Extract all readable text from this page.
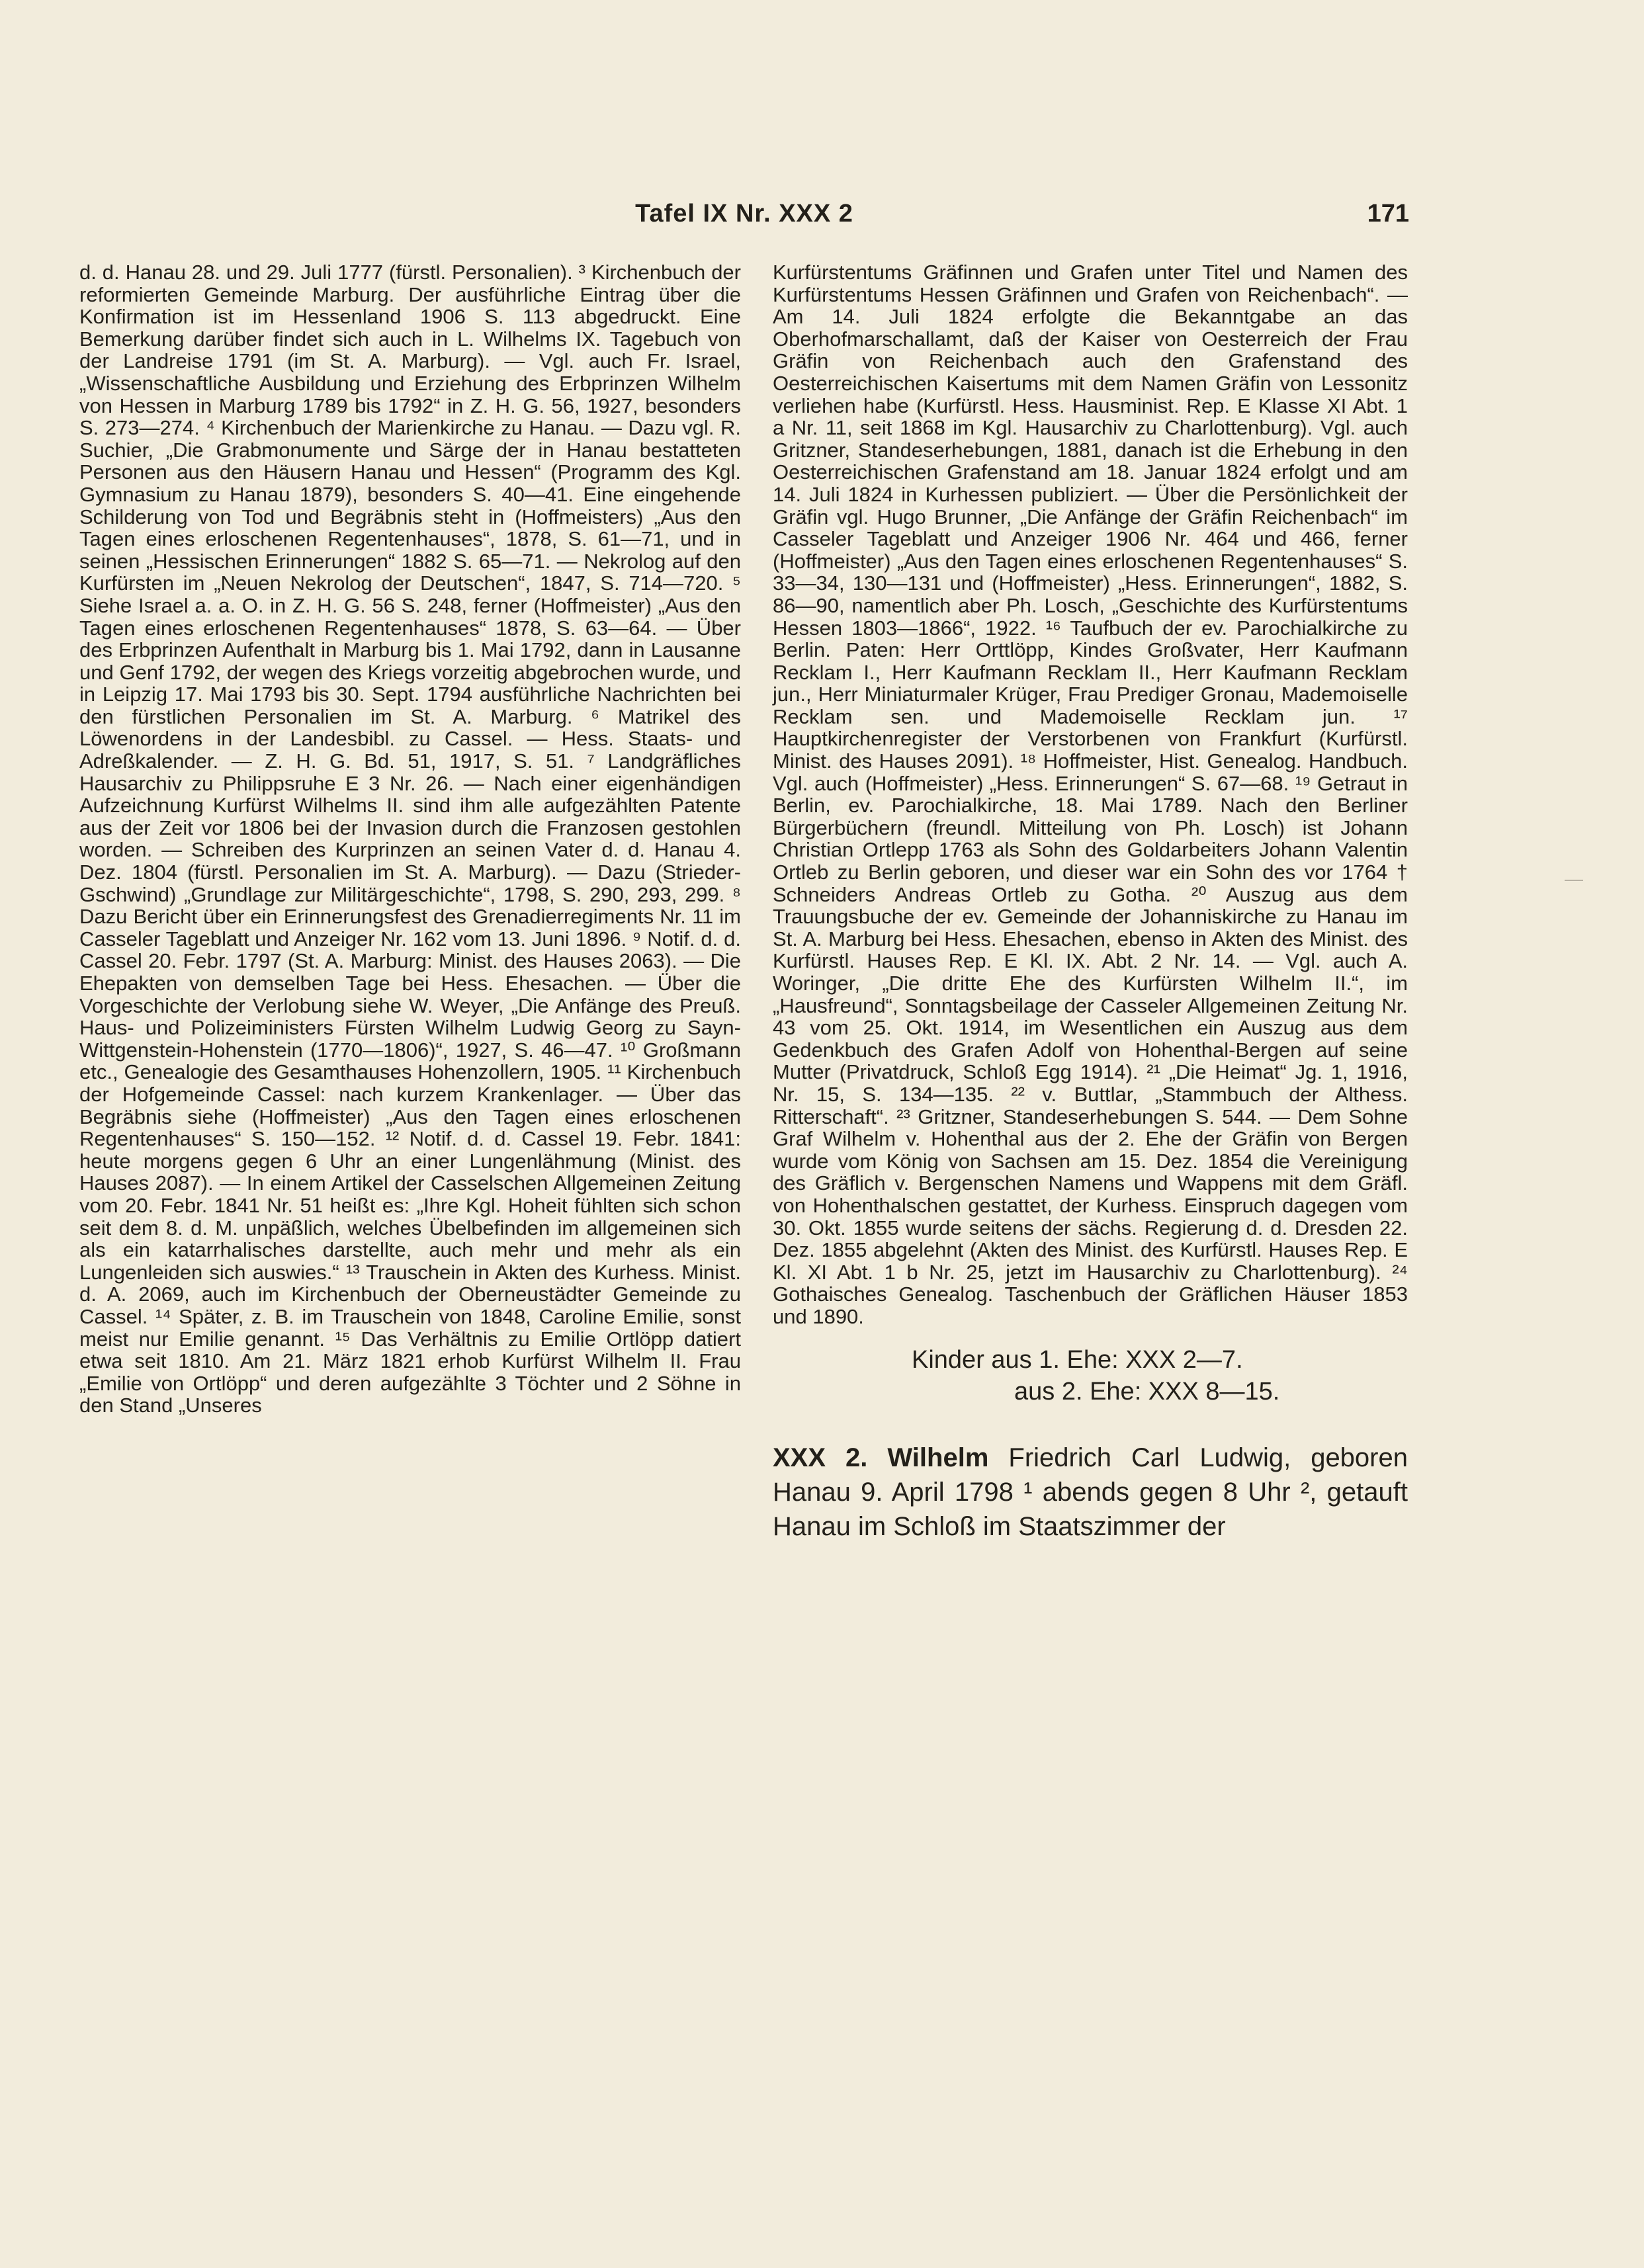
Tafel IX Nr. XXX 2	171

d. d. Hanau 28. und 29. Juli 1777 (fürstl. Personalien). ³ Kirchenbuch der reformierten Gemeinde Marburg. Der ausführliche Eintrag über die Konfirmation ist im Hessenland 1906 S. 113 abgedruckt. Eine Bemerkung darüber findet sich auch in L. Wilhelms IX. Tagebuch von der Landreise 1791 (im St. A. Marburg). — Vgl. auch Fr. Israel, „Wissenschaftliche Ausbildung und Erziehung des Erbprinzen Wilhelm von Hessen in Marburg 1789 bis 1792“ in Z. H. G. 56, 1927, besonders S. 273—274. ⁴ Kirchenbuch der Marienkirche zu Hanau. — Dazu vgl. R. Suchier, „Die Grabmonumente und Särge der in Hanau bestatteten Personen aus den Häusern Hanau und Hessen“ (Programm des Kgl. Gymnasium zu Hanau 1879), besonders S. 40—41. Eine eingehende Schilderung von Tod und Begräbnis steht in (Hoffmeisters) „Aus den Tagen eines erloschenen Regentenhauses“, 1878, S. 61—71, und in seinen „Hessischen Erinnerungen“ 1882 S. 65—71. — Nekrolog auf den Kurfürsten im „Neuen Nekrolog der Deutschen“, 1847, S. 714—720. ⁵ Siehe Israel a. a. O. in Z. H. G. 56 S. 248, ferner (Hoffmeister) „Aus den Tagen eines erloschenen Regentenhauses“ 1878, S. 63—64. — Über des Erbprinzen Aufenthalt in Marburg bis 1. Mai 1792, dann in Lausanne und Genf 1792, der wegen des Kriegs vorzeitig abgebrochen wurde, und in Leipzig 17. Mai 1793 bis 30. Sept. 1794 ausführliche Nachrichten bei den fürstlichen Personalien im St. A. Marburg. ⁶ Matrikel des Löwenordens in der Landesbibl. zu Cassel. — Hess. Staats- und Adreßkalender. — Z. H. G. Bd. 51, 1917, S. 51. ⁷ Landgräfliches Hausarchiv zu Philippsruhe E 3 Nr. 26. — Nach einer eigenhändigen Aufzeichnung Kurfürst Wilhelms II. sind ihm alle aufgezählten Patente aus der Zeit vor 1806 bei der Invasion durch die Franzosen gestohlen worden. — Schreiben des Kurprinzen an seinen Vater d. d. Hanau 4. Dez. 1804 (fürstl. Personalien im St. A. Marburg). — Dazu (Strieder-Gschwind) „Grundlage zur Militärgeschichte“, 1798, S. 290, 293, 299. ⁸ Dazu Bericht über ein Erinnerungsfest des Grenadierregiments Nr. 11 im Casseler Tageblatt und Anzeiger Nr. 162 vom 13. Juni 1896. ⁹ Notif. d. d. Cassel 20. Febr. 1797 (St. A. Marburg: Minist. des Hauses 2063). — Die Ehepakten von demselben Tage bei Hess. Ehesachen. — Über die Vorgeschichte der Verlobung siehe W. Weyer, „Die Anfänge des Preuß. Haus- und Polizeiministers Fürsten Wilhelm Ludwig Georg zu Sayn-Wittgenstein-Hohenstein (1770—1806)“, 1927, S. 46—47. ¹⁰ Großmann etc., Genealogie des Gesamthauses Hohenzollern, 1905. ¹¹ Kirchenbuch der Hofgemeinde Cassel: nach kurzem Krankenlager. — Über das Begräbnis siehe (Hoffmeister) „Aus den Tagen eines erloschenen Regentenhauses“ S. 150—152. ¹² Notif. d. d. Cassel 19. Febr. 1841: heute morgens gegen 6 Uhr an einer Lungenlähmung (Minist. des Hauses 2087). — In einem Artikel der Casselschen Allgemeinen Zeitung vom 20. Febr. 1841 Nr. 51 heißt es: „Ihre Kgl. Hoheit fühlten sich schon seit dem 8. d. M. unpäßlich, welches Übelbefinden im allgemeinen sich als ein katarrhalisches darstellte, auch mehr und mehr als ein Lungenleiden sich auswies.“ ¹³ Trauschein in Akten des Kurhess. Minist. d. A. 2069, auch im Kirchenbuch der Oberneustädter Gemeinde zu Cassel. ¹⁴ Später, z. B. im Trauschein von 1848, Caroline Emilie, sonst meist nur Emilie genannt. ¹⁵ Das Verhältnis zu Emilie Ortlöpp datiert etwa seit 1810. Am 21. März 1821 erhob Kurfürst Wilhelm II. Frau „Emilie von Ortlöpp“ und deren aufgezählte 3 Töchter und 2 Söhne in den Stand „Unseres

Kurfürstentums Gräfinnen und Grafen unter Titel und Namen des Kurfürstentums Hessen Gräfinnen und Grafen von Reichenbach“. — Am 14. Juli 1824 erfolgte die Bekanntgabe an das Oberhofmarschallamt, daß der Kaiser von Oesterreich der Frau Gräfin von Reichenbach auch den Grafenstand des Oesterreichischen Kaisertums mit dem Namen Gräfin von Lessonitz verliehen habe (Kurfürstl. Hess. Hausminist. Rep. E Klasse XI Abt. 1 a Nr. 11, seit 1868 im Kgl. Hausarchiv zu Charlottenburg). Vgl. auch Gritzner, Standeserhebungen, 1881, danach ist die Erhebung in den Oesterreichischen Grafenstand am 18. Januar 1824 erfolgt und am 14. Juli 1824 in Kurhessen publiziert. — Über die Persönlichkeit der Gräfin vgl. Hugo Brunner, „Die Anfänge der Gräfin Reichenbach“ im Casseler Tageblatt und Anzeiger 1906 Nr. 464 und 466, ferner (Hoffmeister) „Aus den Tagen eines erloschenen Regentenhauses“ S. 33—34, 130—131 und (Hoffmeister) „Hess. Erinnerungen“, 1882, S. 86—90, namentlich aber Ph. Losch, „Geschichte des Kurfürstentums Hessen 1803—1866“, 1922. ¹⁶ Taufbuch der ev. Parochialkirche zu Berlin. Paten: Herr Orttlöpp, Kindes Großvater, Herr Kaufmann Recklam I., Herr Kaufmann Recklam II., Herr Kaufmann Recklam jun., Herr Miniaturmaler Krüger, Frau Prediger Gronau, Mademoiselle Recklam sen. und Mademoiselle Recklam jun. ¹⁷ Hauptkirchenregister der Verstorbenen von Frankfurt (Kurfürstl. Minist. des Hauses 2091). ¹⁸ Hoffmeister, Hist. Genealog. Handbuch. Vgl. auch (Hoffmeister) „Hess. Erinnerungen“ S. 67—68. ¹⁹ Getraut in Berlin, ev. Parochialkirche, 18. Mai 1789. Nach den Berliner Bürgerbüchern (freundl. Mitteilung von Ph. Losch) ist Johann Christian Ortlepp 1763 als Sohn des Goldarbeiters Johann Valentin Ortleb zu Berlin geboren, und dieser war ein Sohn des vor 1764 † Schneiders Andreas Ortleb zu Gotha. ²⁰ Auszug aus dem Trauungsbuche der ev. Gemeinde der Johanniskirche zu Hanau im St. A. Marburg bei Hess. Ehesachen, ebenso in Akten des Minist. des Kurfürstl. Hauses Rep. E Kl. IX. Abt. 2 Nr. 14. — Vgl. auch A. Woringer, „Die dritte Ehe des Kurfürsten Wilhelm II.“, im „Hausfreund“, Sonntagsbeilage der Casseler Allgemeinen Zeitung Nr. 43 vom 25. Okt. 1914, im Wesentlichen ein Auszug aus dem Gedenkbuch des Grafen Adolf von Hohenthal-Bergen auf seine Mutter (Privatdruck, Schloß Egg 1914). ²¹ „Die Heimat“ Jg. 1, 1916, Nr. 15, S. 134—135. ²² v. Buttlar, „Stammbuch der Althess. Ritterschaft“. ²³ Gritzner, Standeserhebungen S. 544. — Dem Sohne Graf Wilhelm v. Hohenthal aus der 2. Ehe der Gräfin von Bergen wurde vom König von Sachsen am 15. Dez. 1854 die Vereinigung des Gräflich v. Bergenschen Namens und Wappens mit dem Gräfl. von Hohenthalschen gestattet, der Kurhess. Einspruch dagegen vom 30. Okt. 1855 wurde seitens der sächs. Regierung d. d. Dresden 22. Dez. 1855 abgelehnt (Akten des Minist. des Kurfürstl. Hauses Rep. E Kl. XI Abt. 1 b Nr. 25, jetzt im Hausarchiv zu Charlottenburg). ²⁴ Gothaisches Genealog. Taschenbuch der Gräflichen Häuser 1853 und 1890.

Kinder aus 1. Ehe: XXX 2—7.
aus 2. Ehe: XXX 8—15.
XXX 2. Wilhelm Friedrich Carl Ludwig, geboren Hanau 9. April 1798 ¹ abends gegen 8 Uhr ², getauft Hanau im Schloß im Staatszimmer der
